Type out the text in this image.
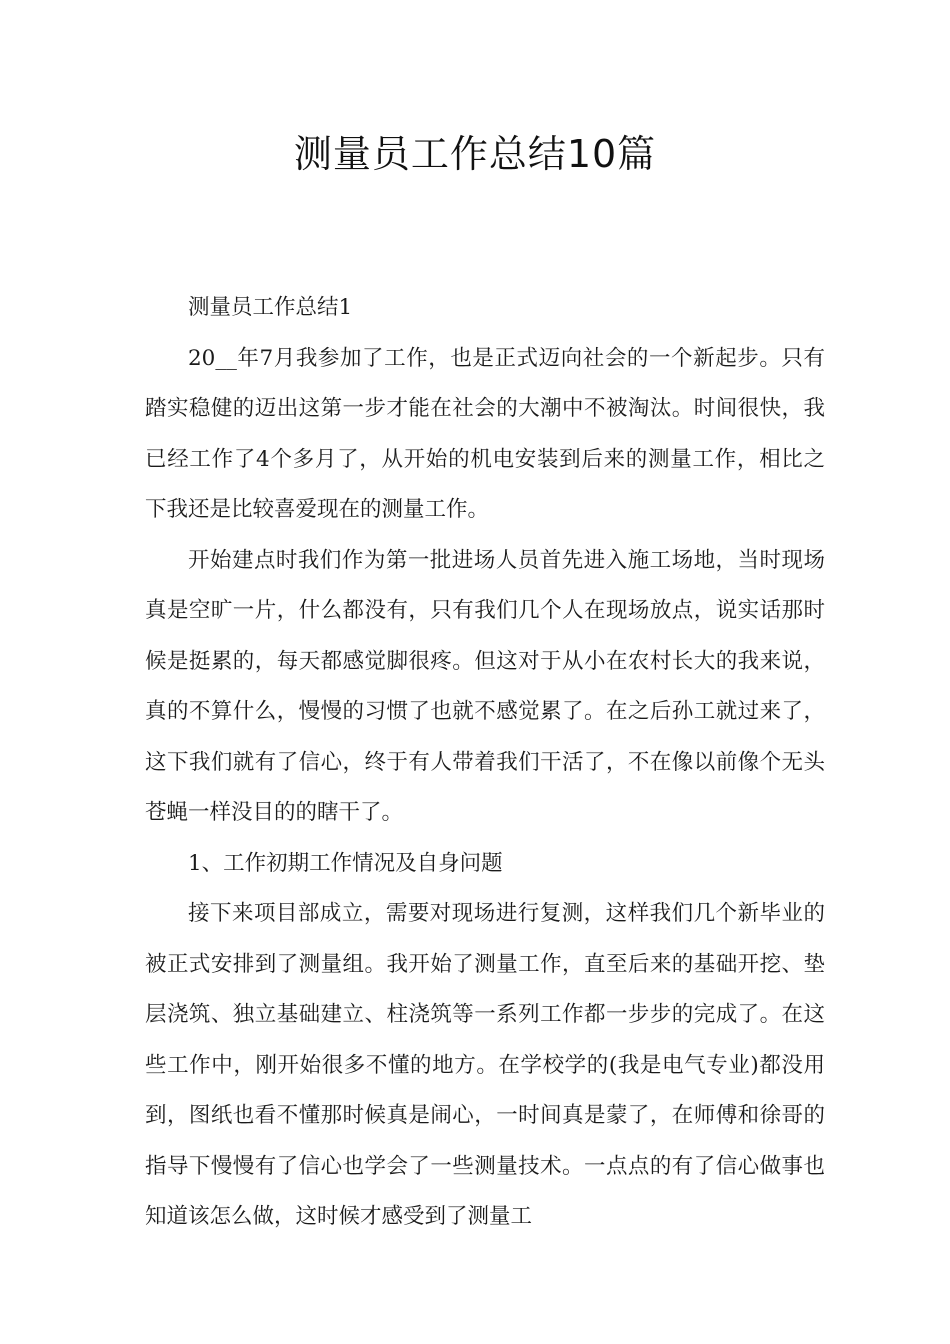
测量员工作总结10篇

测量员工作总结1

20__年7月我参加了工作，也是正式迈向社会的一个新起步。只有踏实稳健的迈出这第一步才能在社会的大潮中不被淘汰。时间很快，我已经工作了4个多月了，从开始的机电安装到后来的测量工作，相比之下我还是比较喜爱现在的测量工作。

开始建点时我们作为第一批进场人员首先进入施工场地，当时现场真是空旷一片，什么都没有，只有我们几个人在现场放点，说实话那时候是挺累的，每天都感觉脚很疼。但这对于从小在农村长大的我来说，真的不算什么，慢慢的习惯了也就不感觉累了。在之后孙工就过来了，这下我们就有了信心，终于有人带着我们干活了，不在像以前像个无头苍蝇一样没目的的瞎干了。

1、工作初期工作情况及自身问题

接下来项目部成立，需要对现场进行复测，这样我们几个新毕业的被正式安排到了测量组。我开始了测量工作，直至后来的基础开挖、垫层浇筑、独立基础建立、柱浇筑等一系列工作都一步步的完成了。在这些工作中，刚开始很多不懂的地方。在学校学的(我是电气专业)都没用到，图纸也看不懂那时候真是闹心，一时间真是蒙了，在师傅和徐哥的指导下慢慢有了信心也学会了一些测量技术。一点点的有了信心做事也知道该怎么做，这时候才感受到了测量工
